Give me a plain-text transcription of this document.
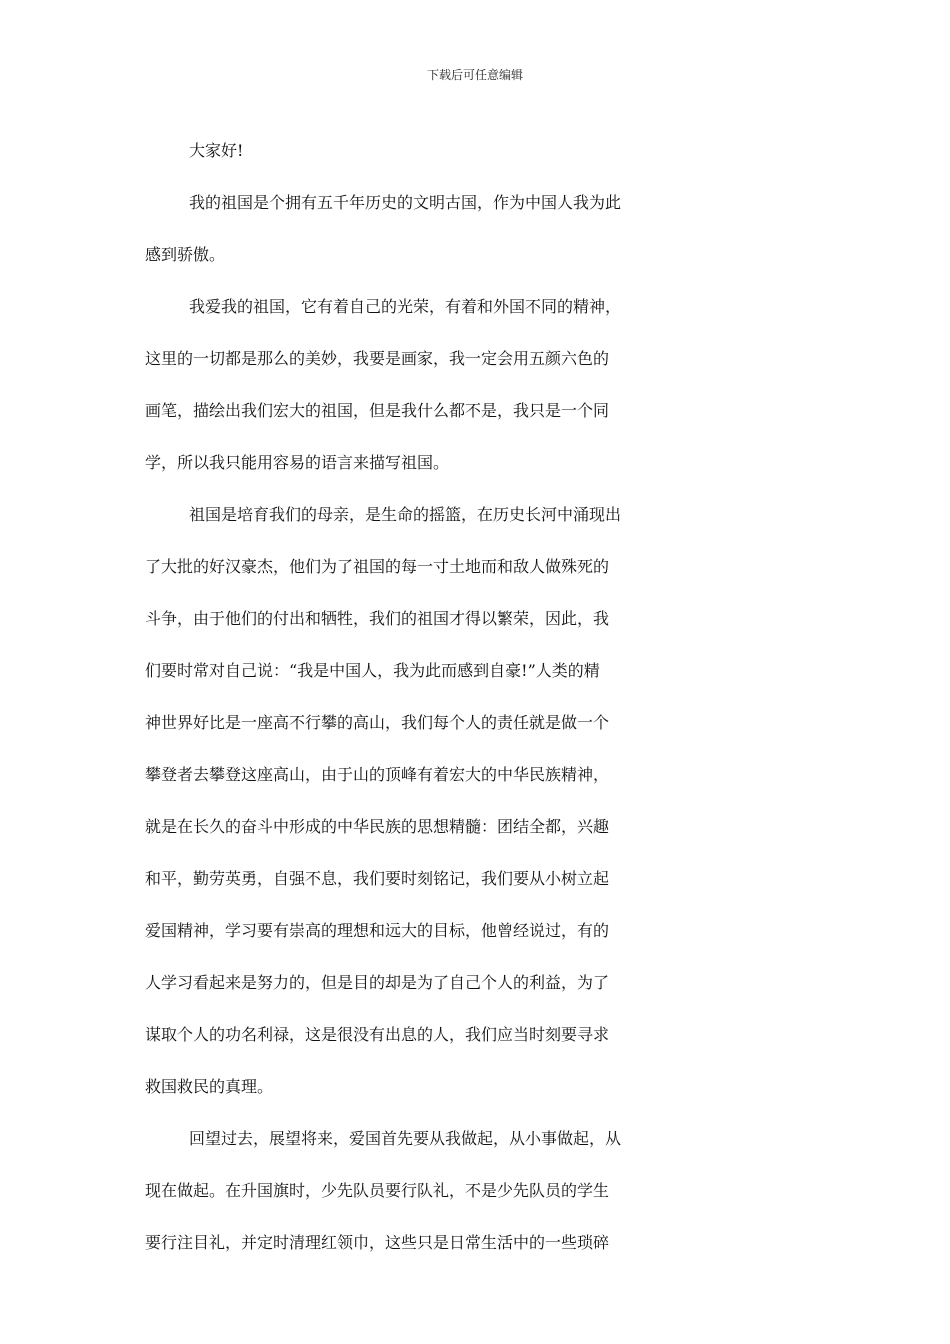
下载后可任意编辑
大家好!
我的祖国是个拥有五千年历史的文明古国，作为中国人我为此
感到骄傲。
我爱我的祖国，它有着自己的光荣，有着和外国不同的精神，
这里的一切都是那么的美妙，我要是画家，我一定会用五颜六色的
画笔，描绘出我们宏大的祖国，但是我什么都不是，我只是一个同
学，所以我只能用容易的语言来描写祖国。
祖国是培育我们的母亲，是生命的摇篮，在历史长河中涌现出
了大批的好汉豪杰，他们为了祖国的每一寸土地而和敌人做殊死的
斗争，由于他们的付出和牺牲，我们的祖国才得以繁荣，因此，我
们要时常对自己说：“我是中国人，我为此而感到自豪!”人类的精
神世界好比是一座高不行攀的高山，我们每个人的责任就是做一个
攀登者去攀登这座高山，由于山的顶峰有着宏大的中华民族精神，
就是在长久的奋斗中形成的中华民族的思想精髓：团结全都，兴趣
和平，勤劳英勇，自强不息，我们要时刻铭记，我们要从小树立起
爱国精神，学习要有崇高的理想和远大的目标，他曾经说过，有的
人学习看起来是努力的，但是目的却是为了自己个人的利益，为了
谋取个人的功名利禄，这是很没有出息的人，我们应当时刻要寻求
救国救民的真理。
回望过去，展望将来，爱国首先要从我做起，从小事做起，从
现在做起。在升国旗时，少先队员要行队礼，不是少先队员的学生
要行注目礼，并定时清理红领巾，这些只是日常生活中的一些琐碎
